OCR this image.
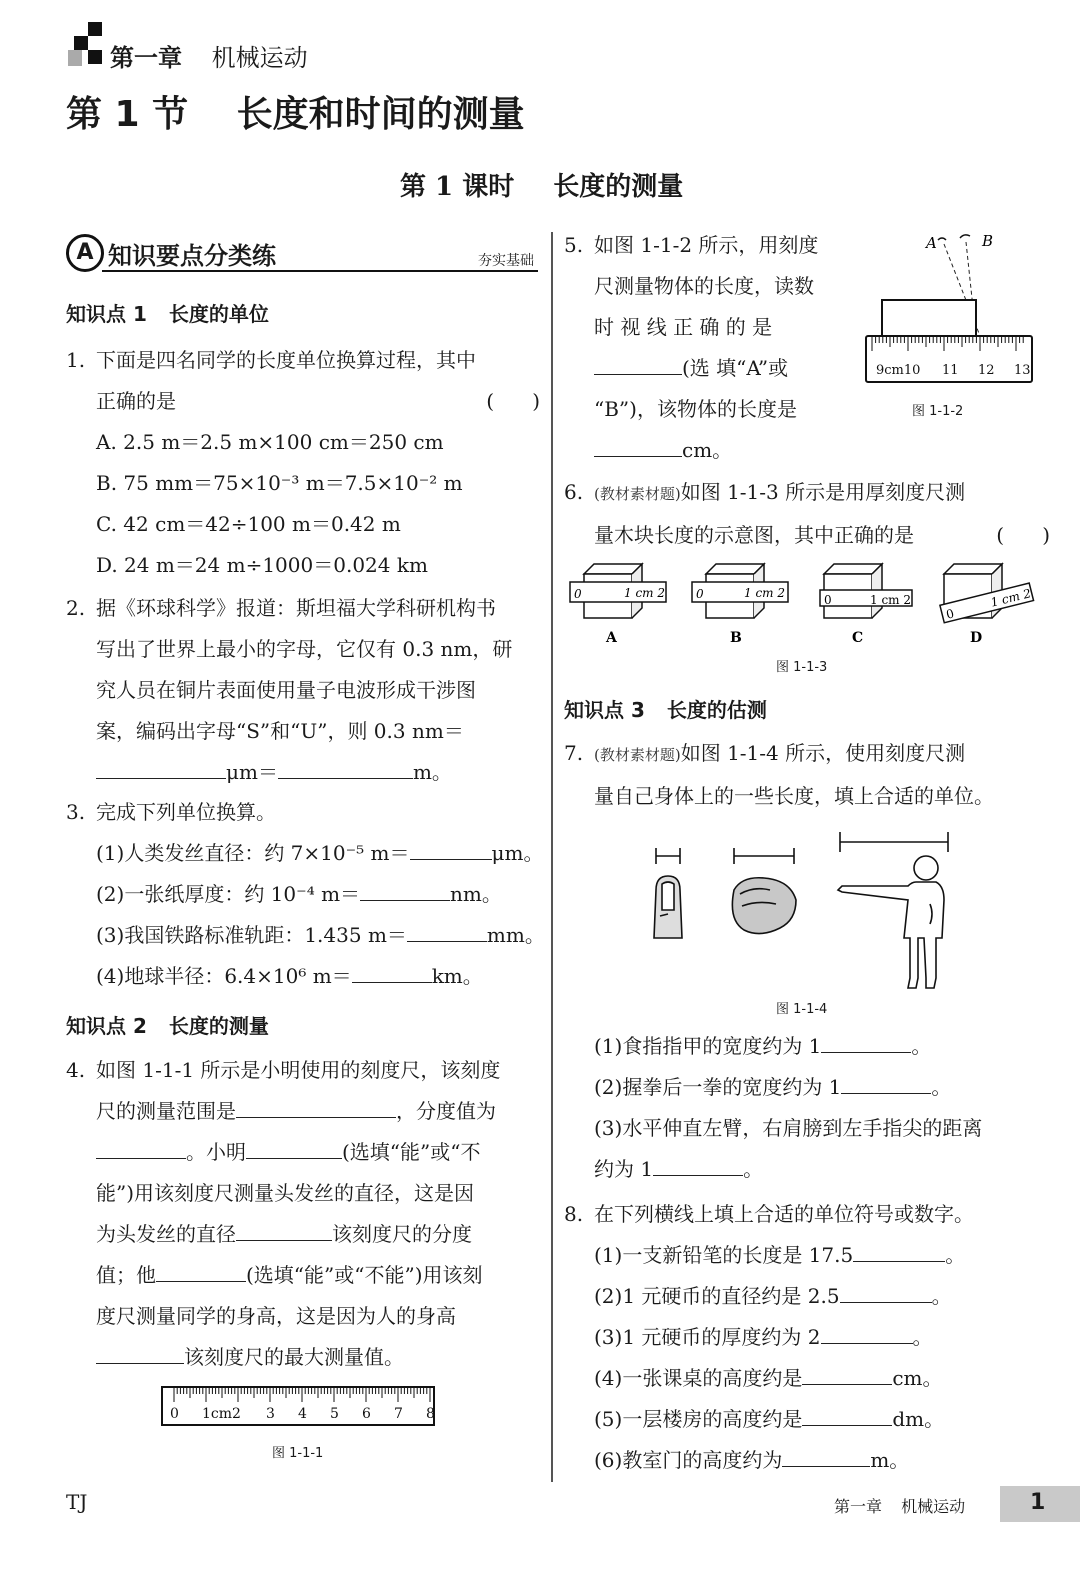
第一章 机械运动
第 1 节 长度和时间的测量
第 1 课时 长度的测量
A 知识要点分类练	夯实基础
知识点 1 长度的单位
1. 下面是四名同学的长度单位换算过程，其中
正确的是	(      )
A. 2.5 m＝2.5 m×100 cm＝250 cm
B. 75 mm＝75×10⁻³ m＝7.5×10⁻² m
C. 42 cm＝42÷100 m＝0.42 m
D. 24 m＝24 m÷1000＝0.024 km
2. 据《环球科学》报道：斯坦福大学科研机构书
写出了世界上最小的字母，它仅有 0.3 nm，研
究人员在铜片表面使用量子电波形成干涉图
案，编码出字母“S”和“U”，则 0.3 nm＝
μm＝	m。
3. 完成下列单位换算。
(1)人类发丝直径：约 7×10⁻⁵ m＝	μm。
(2)一张纸厚度：约 10⁻⁴ m＝	nm。
(3)我国铁路标准轨距：1.435 m＝	mm。
(4)地球半径：6.4×10⁶ m＝	km。
知识点 2 长度的测量
4. 如图 1-1-1 所示是小明使用的刻度尺，该刻度
尺的测量范围是	，分度值为
。小明	(选填“能”或“不
能”)用该刻度尺测量头发丝的直径，这是因
为头发丝的直径	该刻度尺的分度
值；他	(选填“能”或“不能”)用该刻
度尺测量同学的身高，这是因为人的身高
该刻度尺的最大测量值。
0 1cm2 3 4 5 6 7 8
图 1-1-1
5. 如图 1-1-2 所示，用刻度
尺测量物体的长度，读数
时 视 线 正 确 的 是
(选 填“A”或
“B”)，该物体的长度是
cm。
A	B
9cm10 11 12 13
图 1-1-2
6. (教材素材题)如图 1-1-3 所示是用厚刻度尺测
量木块长度的示意图，其中正确的是	(      )
0	1 cm 2
A
0	1 cm 2
B
0	1 cm 2
C
0
1 cm 2
D
图 1-1-3
知识点 3 长度的估测
7. (教材素材题)如图 1-1-4 所示，使用刻度尺测
量自己身体上的一些长度，填上合适的单位。
图 1-1-4
(1)食指指甲的宽度约为 1	。
(2)握拳后一拳的宽度约为 1	。
(3)水平伸直左臂，右肩膀到左手指尖的距离
约为 1	。
8. 在下列横线上填上合适的单位符号或数字。
(1)一支新铅笔的长度是 17.5	。
(2)1 元硬币的直径约是 2.5	。
(3)1 元硬币的厚度约为 2	。
(4)一张课桌的高度约是	cm。
(5)一层楼房的高度约是	dm。
(6)教室门的高度约为	m。
TJ	第一章 机械运动	1
